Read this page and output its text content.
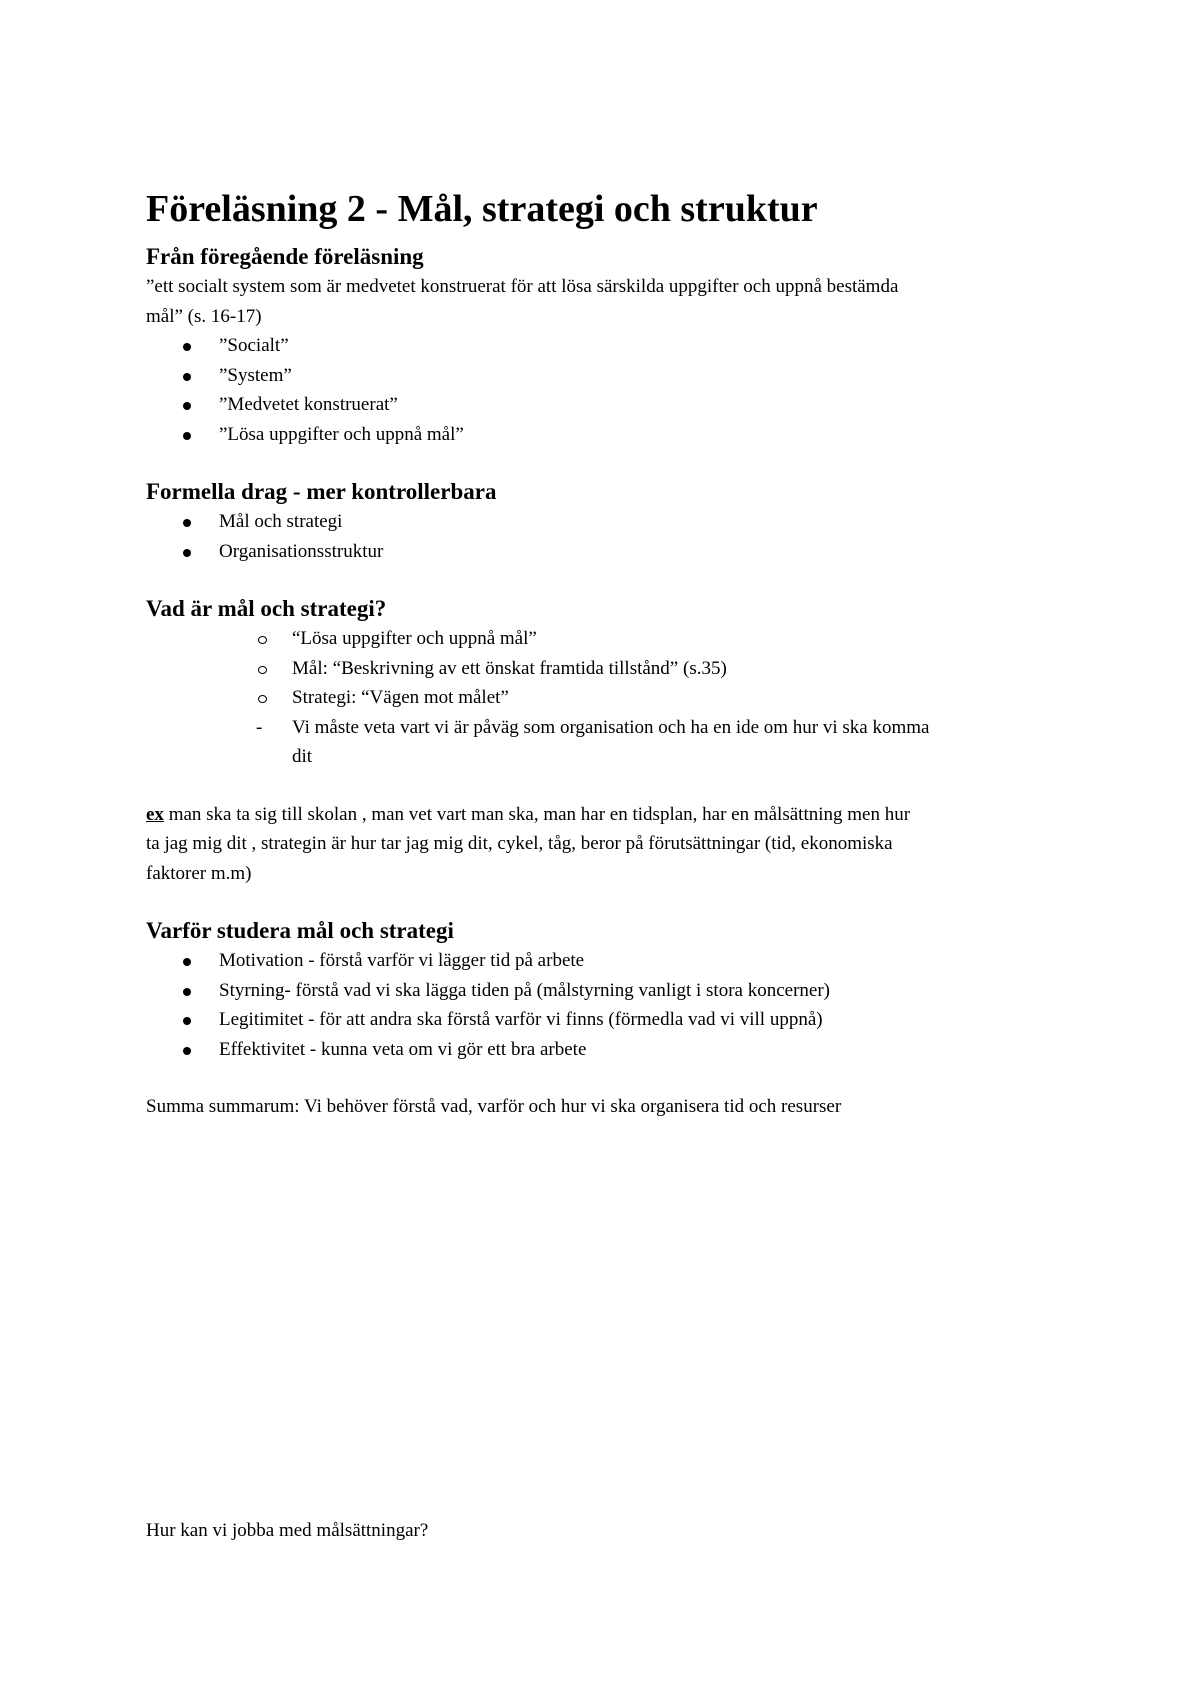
Föreläsning 2 - Mål, strategi och struktur
Från föregående föreläsning
”ett socialt system som är medvetet konstruerat för att lösa särskilda uppgifter och uppnå bestämda
mål” (s. 16-17)
”Socialt”
”System”
”Medvetet konstruerat”
”Lösa uppgifter och uppnå mål”
Formella drag - mer kontrollerbara
Mål och strategi
Organisationsstruktur
Vad är mål och strategi?
“Lösa uppgifter och uppnå mål”
Mål: “Beskrivning av ett önskat framtida tillstånd” (s.35)
Strategi: “Vägen mot målet”
- Vi måste veta vart vi är påväg som organisation och ha en ide om hur vi ska komma
dit
ex man ska ta sig till skolan , man vet vart man ska, man har en tidsplan, har en målsättning men hur
ta jag mig dit , strategin är hur tar jag mig dit, cykel, tåg, beror på förutsättningar (tid, ekonomiska
faktorer m.m)
Varför studera mål och strategi
Motivation - förstå varför vi lägger tid på arbete
Styrning- förstå vad vi ska lägga tiden på (målstyrning vanligt i stora koncerner)
Legitimitet - för att andra ska förstå varför vi finns (förmedla vad vi vill uppnå)
Effektivitet - kunna veta om vi gör ett bra arbete
Summa summarum: Vi behöver förstå vad, varför och hur vi ska organisera tid och resurser
Hur kan vi jobba med målsättningar?
